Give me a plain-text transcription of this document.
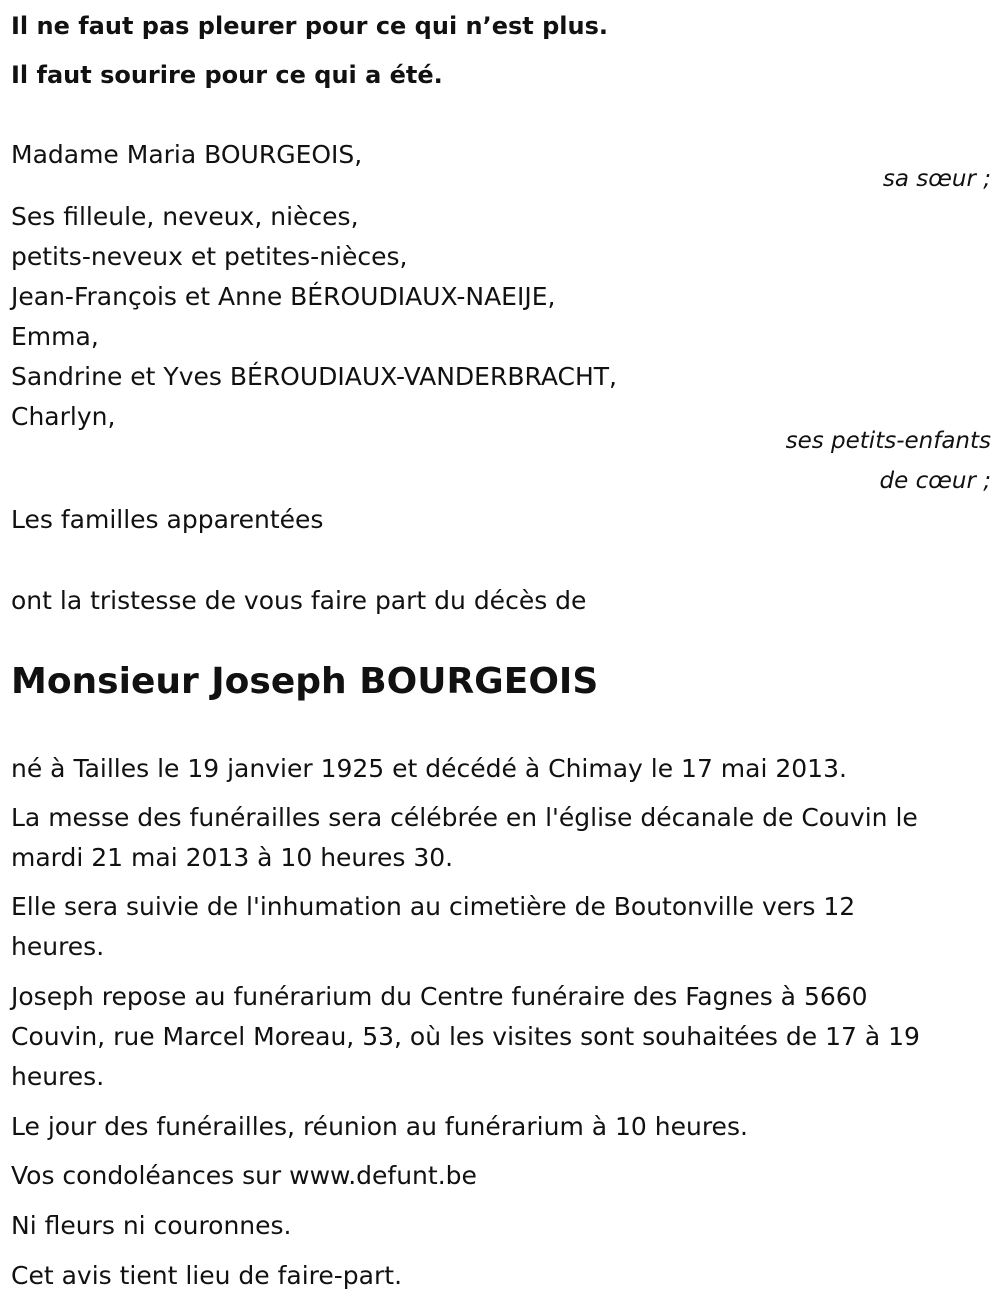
Il ne faut pas pleurer pour ce qui n’est plus.

Il faut sourire pour ce qui a été.

Madame Maria BOURGEOIS,

sa sœur ;

Ses filleule, neveux, nièces,

petits-neveux et petites-nièces,

Jean-François et Anne BÉROUDIAUX-NAEIJE,

Emma,

Sandrine et Yves BÉROUDIAUX-VANDERBRACHT,

Charlyn,

ses petits-enfants

de cœur ;

Les familles apparentées

ont la tristesse de vous faire part du décès de

Monsieur Joseph BOURGEOIS

né à Tailles le 19 janvier 1925 et décédé à Chimay le 17 mai 2013.

La messe des funérailles sera célébrée en l'église décanale de Couvin le

mardi 21 mai 2013 à 10 heures 30.

Elle sera suivie de l'inhumation au cimetière de Boutonville vers 12

heures.

Joseph repose au funérarium du Centre funéraire des Fagnes à 5660

Couvin, rue Marcel Moreau, 53, où les visites sont souhaitées de 17 à 19

heures.

Le jour des funérailles, réunion au funérarium à 10 heures.

Vos condoléances sur www.defunt.be

Ni fleurs ni couronnes.

Cet avis tient lieu de faire-part.
